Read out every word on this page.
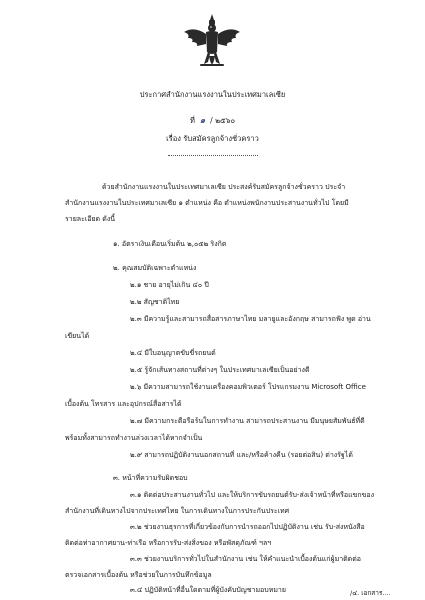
ประกาศสำนักงานแรงงานในประเทศมาเลเซีย
ที่ ๑ / ๒๕๖๐
เรื่อง รับสมัครลูกจ้างชั่วคราว
ด้วยสำนักงานแรงงานในประเทศมาเลเซีย ประสงค์รับสมัครลูกจ้างชั่วคราว ประจำ
สำนักงานแรงงานในประเทศมาเลเซีย ๑ ตำแหน่ง คือ ตำแหน่งพนักงานประสานงานทั่วไป โดยมี
รายละเอียด ดังนี้
๑. อัตราเงินเดือนเริ่มต้น ๒,๐๕๒ ริงกิต
๒. คุณสมบัติเฉพาะตำแหน่ง
๒.๑ ชาย อายุไม่เกิน ๔๐ ปี
๒.๒ สัญชาติไทย
๒.๓ มีความรู้และสามารถสื่อสารภาษาไทย มลายูและอังกฤษ สามารถฟัง พูด อ่าน
เขียนได้
๒.๔ มีใบอนุญาตขับขี่รถยนต์
๒.๕ รู้จักเส้นทางสถานที่ต่างๆ ในประเทศมาเลเซียเป็นอย่างดี
๒.๖ มีความสามารถใช้งานเครื่องคอมพิวเตอร์ โปรแกรมงาน Microsoft Office
เบื้องต้น โทรสาร และอุปกรณ์สื่อสารได้
๒.๗ มีความกระตือรือร้นในการทำงาน สามารถประสานงาน มีมนุษยสัมพันธ์ที่ดี
พร้อมทั้งสามารถทำงานล่วงเวลาได้หากจำเป็น
๒.๙ สามารถปฏิบัติงานนอกสถานที่ และ/หรือค้างคืน (รอยต่อสิน) ต่างรัฐได้
๓. หน้าที่ความรับผิดชอบ
๓.๑ ติดต่อประสานงานทั่วไป และให้บริการขับรถยนต์รับ-ส่งเจ้าหน้าที่หรือแขกของ
สำนักงานที่เดินทางไปจากประเทศไทย ในการเดินทางในการประกันประเทศ
๓.๒ ช่วยงานธุรการที่เกี่ยวข้องกับการนำรถออกไปปฏิบัติงาน เช่น รับ-ส่งหนังสือ
ติดต่อท่าอากาศยาน-ท่าเรือ หรือการรับ-ส่งสิ่งของ หรือพัสดุภัณฑ์ ฯลฯ
๓.๓ ช่วยงานบริการทั่วไปในสำนักงาน เช่น ให้คำแนะนำเบื้องต้นแก่ผู้มาติดต่อ
ตรวจเอกสารเบื้องต้น หรือช่วยในการบันทึกข้อมูล
๓.๔ ปฏิบัติหน้าที่อื่นใดตามที่ผู้บังคับบัญชามอบหมาย	/๔. เอกสาร....
